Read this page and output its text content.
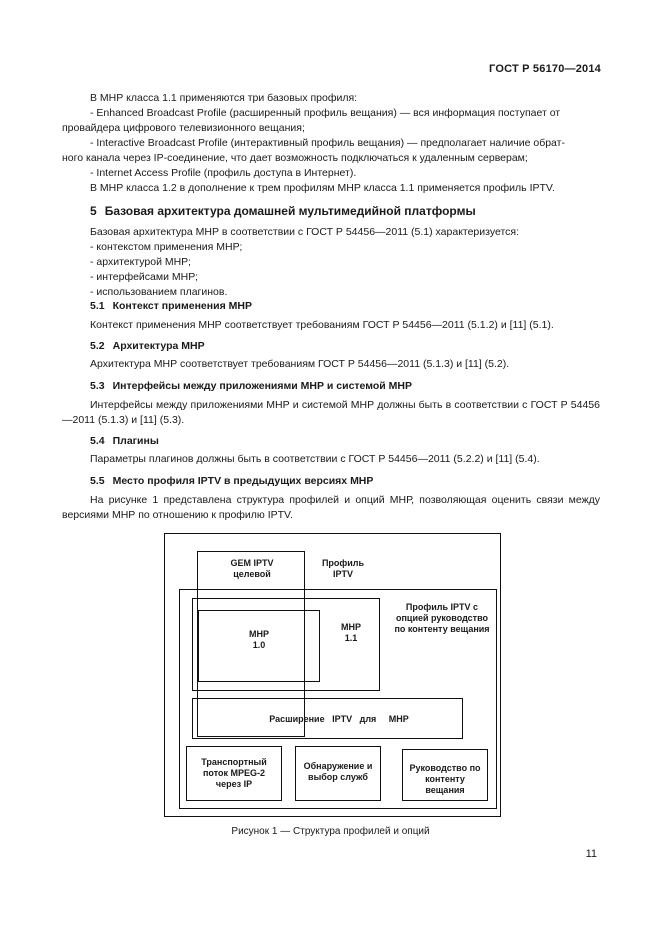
ГОСТ Р 56170—2014
В МНР класса 1.1 применяются три базовых профиля:
- Enhanced Broadcast Profile (расширенный профиль вещания) — вся информация поступает от
провайдера цифрового телевизионного вещания;
- Interactive Broadcast Profile (интерактивный профиль вещания) — предполагает наличие обрат-
ного канала через IP-соединение, что дает возможность подключаться к удаленным серверам;
- Internet Access Profile (профиль доступа в Интернет).
В МНР класса 1.2 в дополнение к трем профилям МНР класса 1.1 применяется профиль IPTV.
5 Базовая архитектура домашней мультимедийной платформы
Базовая архитектура МНР в соответствии с ГОСТ Р 54456—2011 (5.1) характеризуется:
- контекстом применения МНР;
- архитектурой МНР;
- интерфейсами МНР;
- использованием плагинов.
5.1 Контекст применения МНР
Контекст применения МНР соответствует требованиям ГОСТ Р 54456—2011 (5.1.2) и [11] (5.1).
5.2 Архитектура МНР
Архитектура МНР соответствует требованиям ГОСТ Р 54456—2011 (5.1.3) и [11] (5.2).
5.3 Интерфейсы между приложениями МНР и системой МНР
Интерфейсы между приложениями МНР и системой МНР должны быть в соответствии с ГОСТ Р 54456—2011 (5.1.3) и [11] (5.3).
5.4 Плагины
Параметры плагинов должны быть в соответствии с ГОСТ Р 54456—2011 (5.2.2) и [11] (5.4).
5.5 Место профиля IPTV в предыдущих версиях МНР
На рисунке 1 представлена структура профилей и опций МНР, позволяющая оценить связи между версиями МНР по отношению к профилю IPTV.
GEM IPTV целевой
Профиль IPTV
Профиль IPTV с опцией руководство по контенту вещания
МНР 1.0
МНР 1.1
Расширение   IPTV   для     МНР
Транспортный поток MPEG-2 через IP
Обнаружение и выбор служб
Руководство по контенту вещания
Рисунок 1 — Структура профилей и опций
11
